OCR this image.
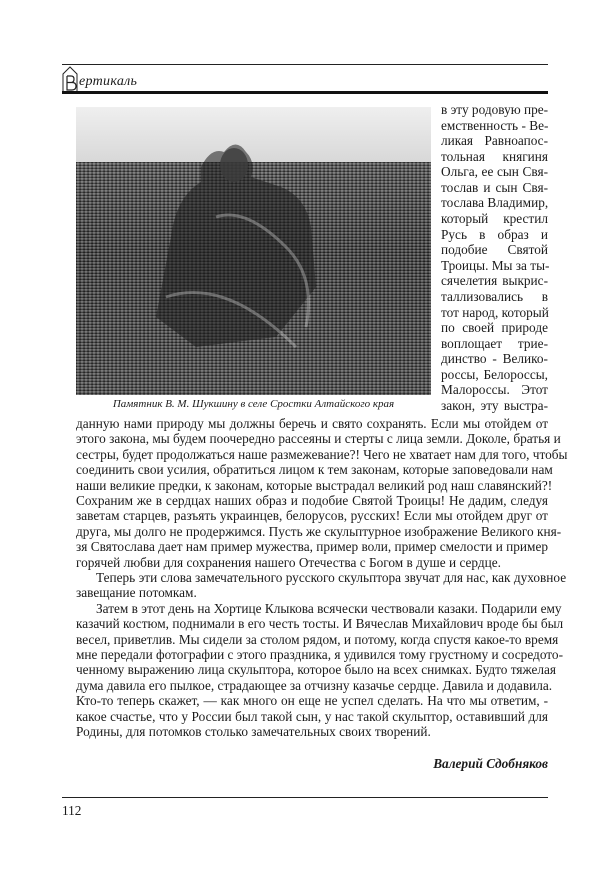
ертикаль
Памятник В. М. Шукшину в селе Сростки Алтайского края
в эту родовую пре-
емственность - Ве-
ликая Равноапос-
тольная княгиня
Ольга, ее сын Свя-
тослав и сын Свя-
тослава Владимир,
который крестил
Русь в образ и
подобие Святой
Троицы. Мы за ты-
сячелетия выкрис-
таллизовались в
тот народ, который
по своей природе
воплощает трие-
динство - Велико-
россы, Белороссы,
Малороссы. Этот
закон, эту выстра-
данную нами природу мы должны беречь и свято сохранять. Если мы отойдем от
этого закона, мы будем поочередно рассеяны и стерты с лица земли. Доколе, братья и
сестры, будет продолжаться наше размежевание?! Чего не хватает нам для того, чтобы
соединить свои усилия, обратиться лицом к тем законам, которые заповедовали нам
наши великие предки, к законам, которые выстрадал великий род наш славянский?!
Сохраним же в сердцах наших образ и подобие Святой Троицы! Не дадим, следуя
заветам старцев, разъять украинцев, белорусов, русских! Если мы отойдем друг от
друга, мы долго не продержимся. Пусть же скульптурное изображение Великого кня-
зя Святослава дает нам пример мужества, пример воли, пример смелости и пример
горячей любви для сохранения нашего Отечества с Богом в душе и сердце.
Теперь эти слова замечательного русского скульптора звучат для нас, как духовное
завещание потомкам.
Затем в этот день на Хортице Клыкова всячески чествовали казаки. Подарили ему
казачий костюм, поднимали в его честь тосты. И Вячеслав Михайлович вроде бы был
весел, приветлив. Мы сидели за столом рядом, и потому, когда спустя какое-то время
мне передали фотографии с этого праздника, я удивился тому грустному и сосредото-
ченному выражению лица скульптора, которое было на всех снимках. Будто тяжелая
дума давила его пылкое, страдающее за отчизну казачье сердце. Давила и додавила.
Кто-то теперь скажет, — как много он еще не успел сделать. На что мы ответим, -
какое счастье, что у России был такой сын, у нас такой скульптор, оставивший для
Родины, для потомков столько замечательных своих творений.
Валерий Сдобняков
112
